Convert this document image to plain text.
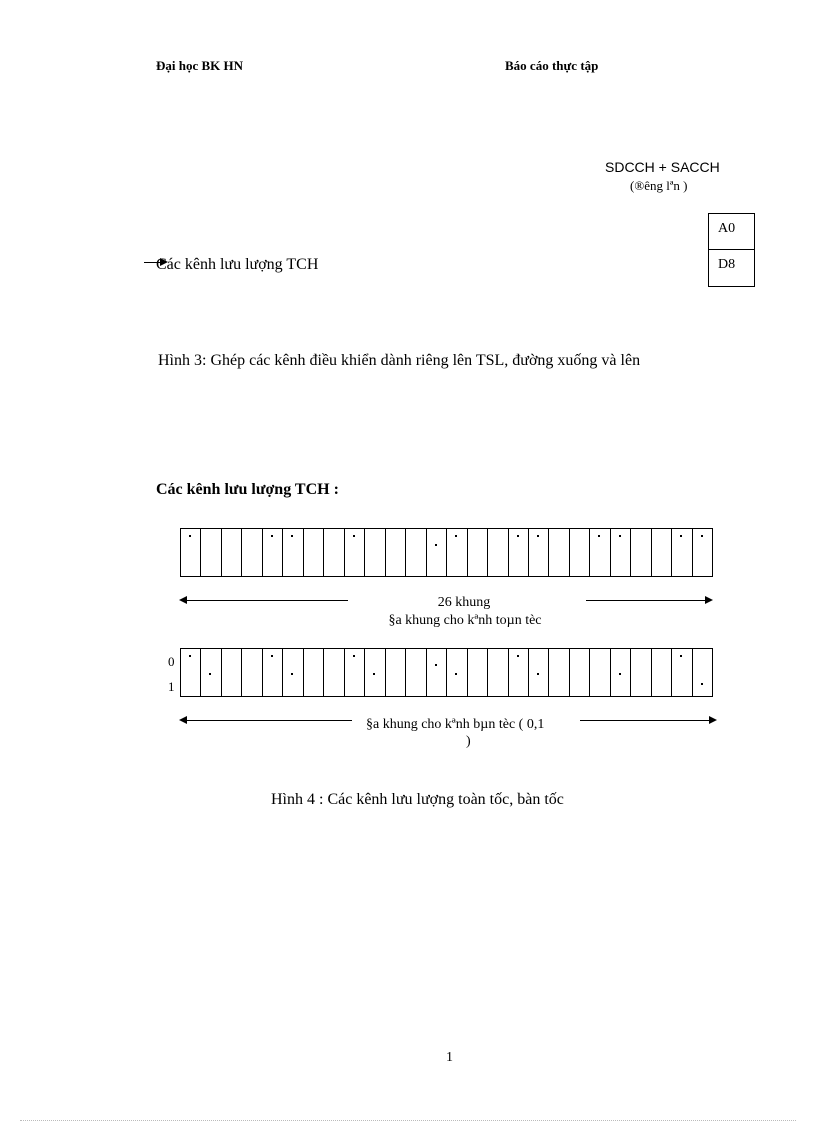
Đại học BK HN	Báo cáo thực tập
SDCCH + SACCH
(®êng lªn )
A0
D8
Các kênh lưu lượng TCH
Hình 3: Ghép các kênh điều khiển dành riêng lên TSL, đường xuống và lên
Các kênh lưu lượng TCH :
26 khung
§a khung cho kªnh toµn tèc
0
1
§a khung cho kªnh bµn tèc ( 0,1
)
Hình 4 : Các kênh lưu lượng toàn tốc, bàn tốc
1
